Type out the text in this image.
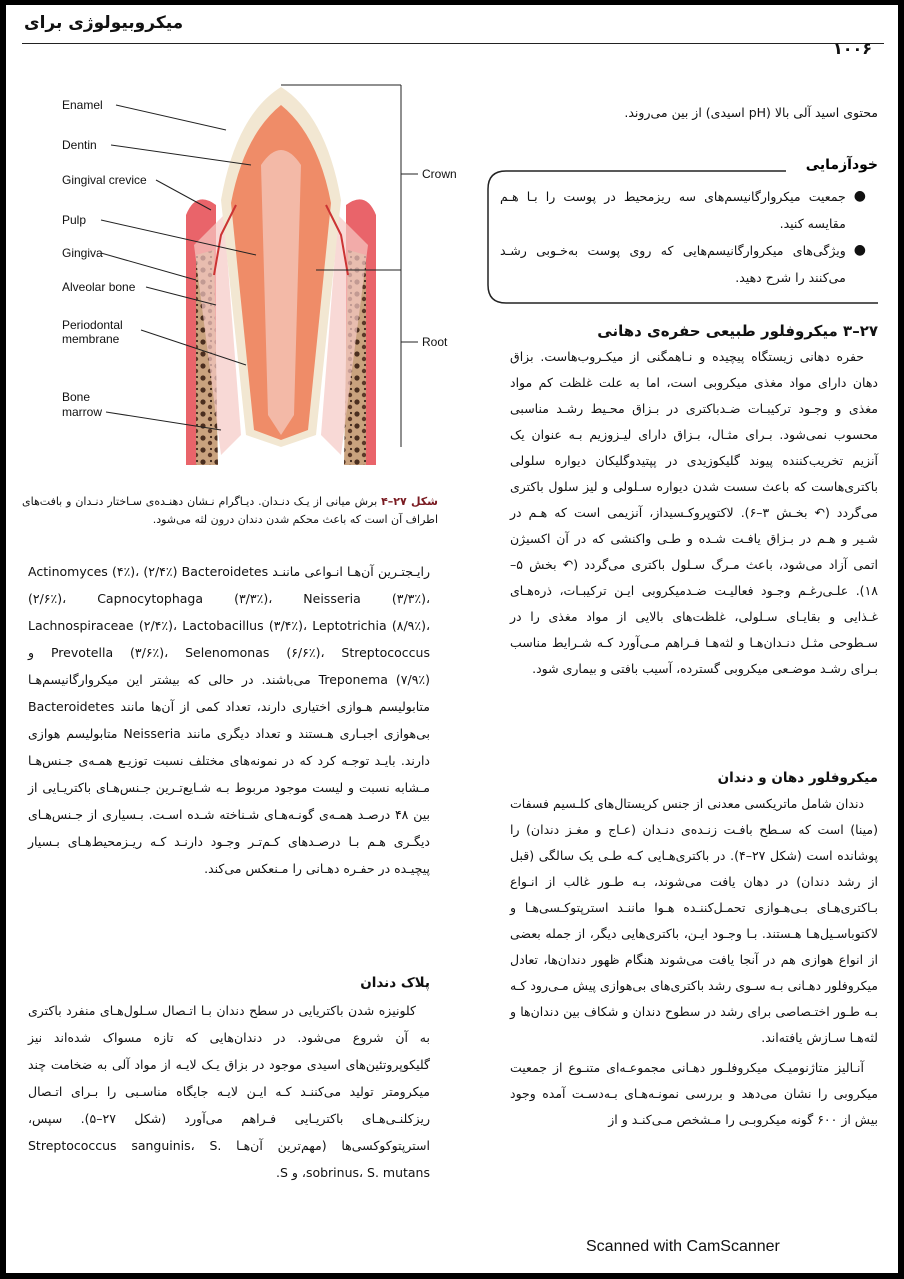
میکروبیولوژی برای
۱۰۰۶
Enamel
Dentin
Gingival crevice
Pulp
Gingiva
Alveolar bone
Periodontal
membrane
Bone
marrow
Crown
Root
شکل ۲۷–۴ برش میانی از یـک دنـدان. دیـاگرام نـشان دهنـده‌ی سـاختار دنـدان و بافت‌های اطراف آن است که باعث محکم شدن دندان درون لثه می‌شود.

محتوی اسید آلی بالا (pH اسیدی) از بین می‌روند.

خودآزمایی
●
جمعیت میکروارگانیسم‌های سه ریزمحیط در پوست را بـا هـم مقایسه کنید.
●
ویژگی‌های میکروارگانیسم‌هایی که روی پوست به‌خـوبی رشـد می‌کنند را شرح دهید.

۲۷–۳ میکروفلور طبیعی حفره‌ی دهانی

حفره دهانی زیستگاه پیچیده و نـاهمگنی از میکـروب‌هاست. بزاق دهان دارای مواد مغذی میکروبی است، اما به علت غلظت کم مواد مغذی و وجـود ترکیبـات ضـدباکتری در بـزاق محـیط رشـد مناسبی محسوب نمی‌شود. بـرای مثـال، بـزاق دارای لیـزوزیم بـه عنوان یک آنزیم تخریب‌کننده پیوند گلیکوزیدی در پپتیدوگلیکان دیواره سلولی باکتری‌هاست که باعث سست شدن دیواره سـلولی و لیز سلول باکتری می‌گردد (↶ بخـش ۳–۶). لاکتوپروکـسیداز، آنزیمی است که هـم در شـیر و هـم در بـزاق یافـت شـده و طـی واکنشی که در آن اکسیژن اتمی آزاد می‌شود، باعث مـرگ سـلول باکتری می‌گردد (↶ بخش ۵–۱۸). علـی‌رغـم وجـود فعالیـت ضـدمیکروبی ایـن ترکیبـات، ذره‌هـای غـذایی و بقایـای سـلولی، غلظت‌های بالایی از مواد مغذی را در سـطوحی مثـل دنـدان‌هـا و لثه‌هـا فـراهم مـی‌آورد کـه شـرایط مناسب بـرای رشـد موضـعی میکروبی گسترده، آسیب بافتی و بیماری شود.

میکروفلور دهان و دندان

دندان شامل ماتریکسی معدنی از جنس کریستال‌های کلـسیم فسفات (مینا) است که سـطح بافـت زنـده‌ی دنـدان (عـاج و مغـز دندان) را پوشانده است (شکل ۲۷–۴). در باکتری‌هـایی کـه طـی یک سالگی (قبل از رشد دندان) در دهان یافت می‌شوند، بـه طـور غالب از انـواع بـاکتری‌هـای بـی‌هـوازی تحمـل‌کننـده هـوا ماننـد استرپتوکـسی‌هـا و لاکتوباسـیل‌هـا هـستند. بـا وجـود ایـن، باکتری‌هایی دیگر، از جمله بعضی از انواع هوازی هم در آنجا یافت می‌شوند هنگام ظهور دندان‌ها، تعادل میکروفلور دهـانی بـه سـوی رشد باکتری‌های بی‌هوازی پیش مـی‌رود کـه بـه طـور اختـصاصی برای رشد در سطوح دندان و شکاف بین دندان‌ها و لثه‌هـا سـازش یافته‌اند.

آنـالیز متاژنومیـک میکروفلـور دهـانی مجموعـه‌ای متنـوع از جمعیت میکروبی را نشان می‌دهد و بررسی نمونـه‌هـای بـه‌دسـت آمده وجود بیش از ۶۰۰ گونه میکروبـی را مـشخص مـی‌کنـد و از

رایـجتـرین آن‌هـا انـواعی ماننـد Actinomyces (۴٪)، (۲/۴٪) Bacteroidetes (۲/۶٪)، Capnocytophaga (۳/۳٪)، Neisseria (۳/۳٪)، Lachnospiraceae (۲/۴٪)، Lactobacillus (۳/۴٪)، Leptotrichia (۸/۹٪)، Prevotella (۳/۶٪)، Selenomonas (۶/۶٪)، Streptococcus و Treponema (۷/۹٪) می‌باشند. در حالی که بیشتر این میکروارگانیسم‌هـا متابولیسم هـوازی اختیاری دارند، تعداد کمی از آن‌ها مانند Bacteroidetes بی‌هوازی اجبـاری هـستند و تعداد دیگری مانند Neisseria متابولیسم هوازی دارند. بایـد توجـه کرد که در نمونه‌های مختلف نسبت توزیـع همـه‌ی جـنس‌هـا مـشابه نسبت و لیست موجود مربوط بـه شـایع‌تـرین جـنس‌هـای باکتریـایی از بین ۴۸ درصـد همـه‌ی گونـه‌هـای شـناخته شـده اسـت. بـسیاری از جـنس‌هـای دیگـری هـم بـا درصـدهای کـم‌تـر وجـود دارنـد کـه ریـزمحیط‌هـای بـسیار پیچیـده در حفـره دهـانی را مـنعکس می‌کند.

پلاک دندان

کلونیزه شدن باکتریایی در سطح دندان بـا اتـصال سـلول‌هـای منفرد باکتری به آن شروع می‌شود. در دندان‌هایی که تازه مسواک شده‌اند نیز گلیکوپروتئین‌های اسیدی موجود در بزاق یـک لایـه از مواد آلی به ضخامت چند میکرومتر تولید می‌کننـد کـه ایـن لایـه جایگاه مناسـبی را بـرای اتـصال ریزکلنـی‌هـای باکتریـایی فـراهم می‌آورد (شکل ۲۷–۵). سپس، استرپتوکوکسی‌ها (مهم‌ترین آن‌هـا Streptococcus sanguinis، S. sobrinus، S. mutans، و S.

Scanned with CamScanner
